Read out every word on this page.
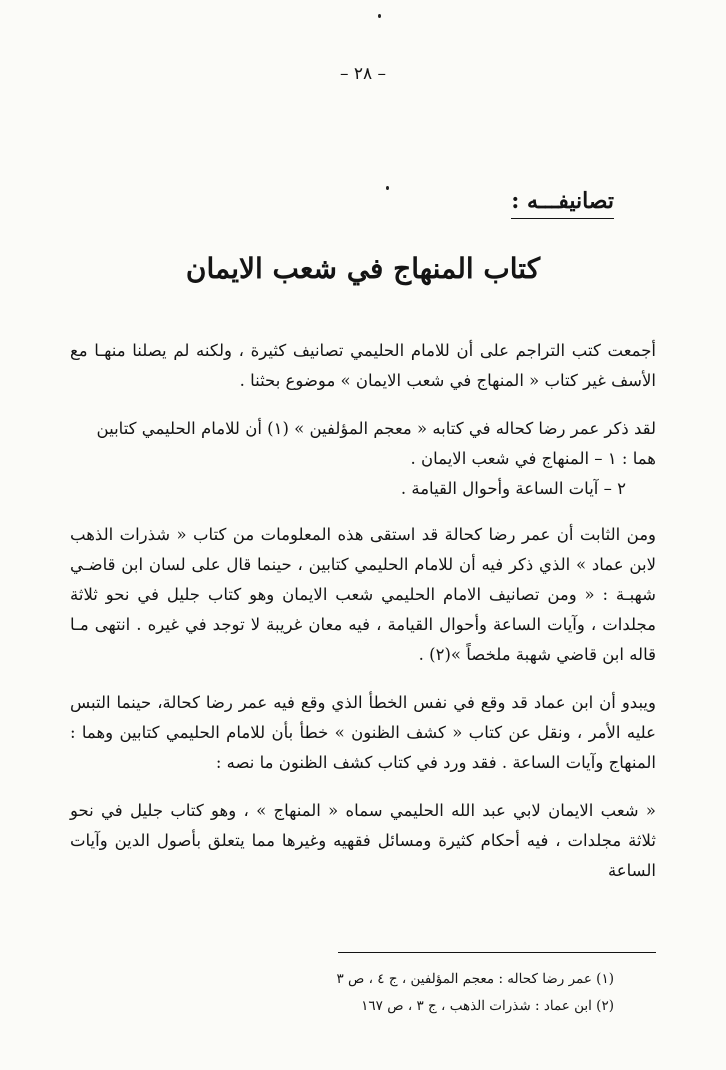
– ٢٨ –
تصانيفـــه :
كتاب المنهاج في شعب الايمان

أجمعت كتب التراجم على أن للامام الحليمي تصانيف كثيرة ، ولكنه لم يصلنا منهـا مع الأسف غير كتاب « المنهاج في شعب الايمان » موضوع بحثنا .

لقد ذكر عمر رضا كحاله في كتابه « معجم المؤلفين » (١) أن للامام الحليمي كتابين
هما : ١ – المنهاج في شعب الايمان .
٢ – آيات الساعة وأحوال القيامة .

ومن الثابت أن عمر رضا كحالة قد استقى هذه المعلومات من كتاب « شذرات الذهب لابن عماد » الذي ذكر فيه أن للامام الحليمي كتابين ، حينما قال على لسان ابن قاضـي شهبـة : « ومن تصانيف الامام الحليمي شعب الايمان وهو كتاب جليل في نحو ثلاثة مجلدات ، وآيات الساعة وأحوال القيامة ، فيه معان غريبة لا توجد في غيره . انتهى مـا قاله ابن قاضي شهبة ملخصاً »(٢) .

ويبدو أن ابن عماد قد وقع في نفس الخطأ الذي وقع فيه عمر رضا كحالة، حينما التبس عليه الأمر ، ونقل عن كتاب « كشف الظنون » خطأ بأن للامام الحليمي كتابين وهما : المنهاج وآيات الساعة . فقد ورد في كتاب كشف الظنون ما نصه :

« شعب الايمان لابي عبد الله الحليمي سماه « المنهاج » ، وهو كتاب جليل في نحو ثلاثة مجلدات ، فيه أحكام كثيرة ومسائل فقهيه وغيرها مما يتعلق بأصول الدين وآيات الساعة

(١) عمر رضا كحاله : معجم المؤلفين ، ج ٤ ، ص ٣
(٢) ابن عماد : شذرات الذهب ، ج ٣ ، ص ١٦٧
